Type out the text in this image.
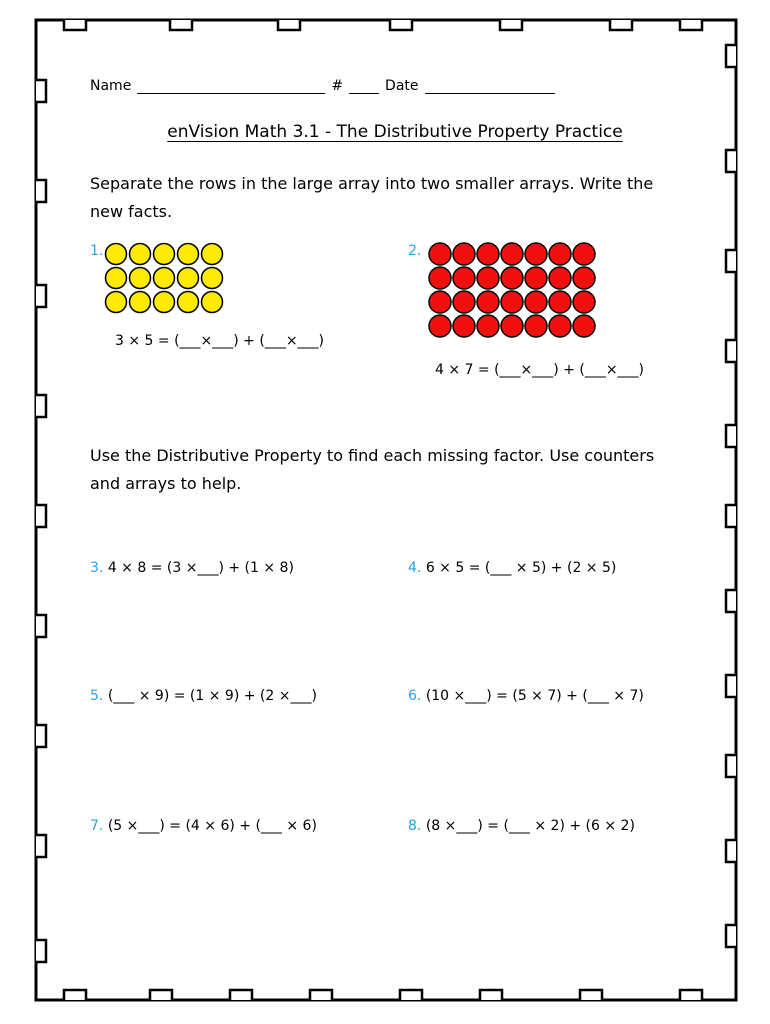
Name	#	Date
enVision Math 3.1 - The Distributive Property Practice
Separate the rows in the large array into two smaller arrays. Write the new facts.
1.
3 × 5 = (___×___) + (___×___)
2.
4 × 7 = (___×___) + (___×___)
Use the Distributive Property to find each missing factor. Use counters and arrays to help.
3. 4 × 8 = (3 ×___) + (1 × 8)	4. 6 × 5 = (___ × 5) + (2 × 5)
5. (___ × 9) = (1 × 9) + (2 ×___)	6. (10 ×___) = (5 × 7) + (___ × 7)
7. (5 ×___) = (4 × 6) + (___ × 6)	8. (8 ×___) = (___ × 2) + (6 × 2)
